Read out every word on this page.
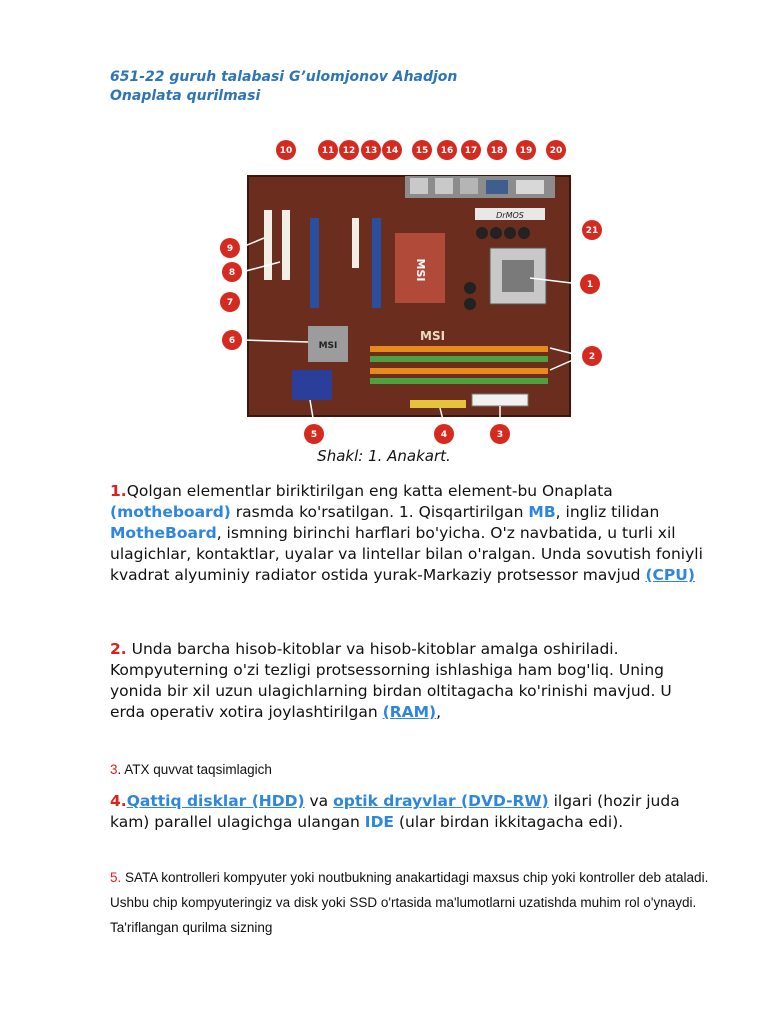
651-22 guruh talabasi G’ulomjonov Ahadjon
Onaplata qurilmasi
MSI
DrMOS
MSI
MSI
10	11 12 13 14 15 16 17 18 19 20
21
9
8
7
6
1
2
3
4
5
Shakl: 1. Anakart.
1.Qolgan elementlar biriktirilgan eng katta element-bu Onaplata (motheboard) rasmda ko'rsatilgan. 1. Qisqartirilgan MB, ingliz tilidan MotheBoard, ismning birinchi harflari bo'yicha. O'z navbatida, u turli xil ulagichlar, kontaktlar, uyalar va lintellar bilan o'ralgan. Unda sovutish foniyli kvadrat alyuminiy radiator ostida yurak-Markaziy protsessor mavjud (CPU)
2. Unda barcha hisob-kitoblar va hisob-kitoblar amalga oshiriladi. Kompyuterning o'zi tezligi protsessorning ishlashiga ham bog'liq. Uning yonida bir xil uzun ulagichlarning birdan oltitagacha ko'rinishi mavjud. U erda operativ xotira joylashtirilgan (RAM),
3. ATX quvvat taqsimlagich
4.Qattiq disklar (HDD) va optik drayvlar (DVD-RW) ilgari (hozir juda kam) parallel ulagichga ulangan IDE (ular birdan ikkitagacha edi).
5. SATA kontrolleri kompyuter yoki noutbukning anakartidagi maxsus chip yoki kontroller deb ataladi. Ushbu chip kompyuteringiz va disk yoki SSD o'rtasida ma'lumotlarni uzatishda muhim rol o'ynaydi. Ta'riflangan qurilma sizning
